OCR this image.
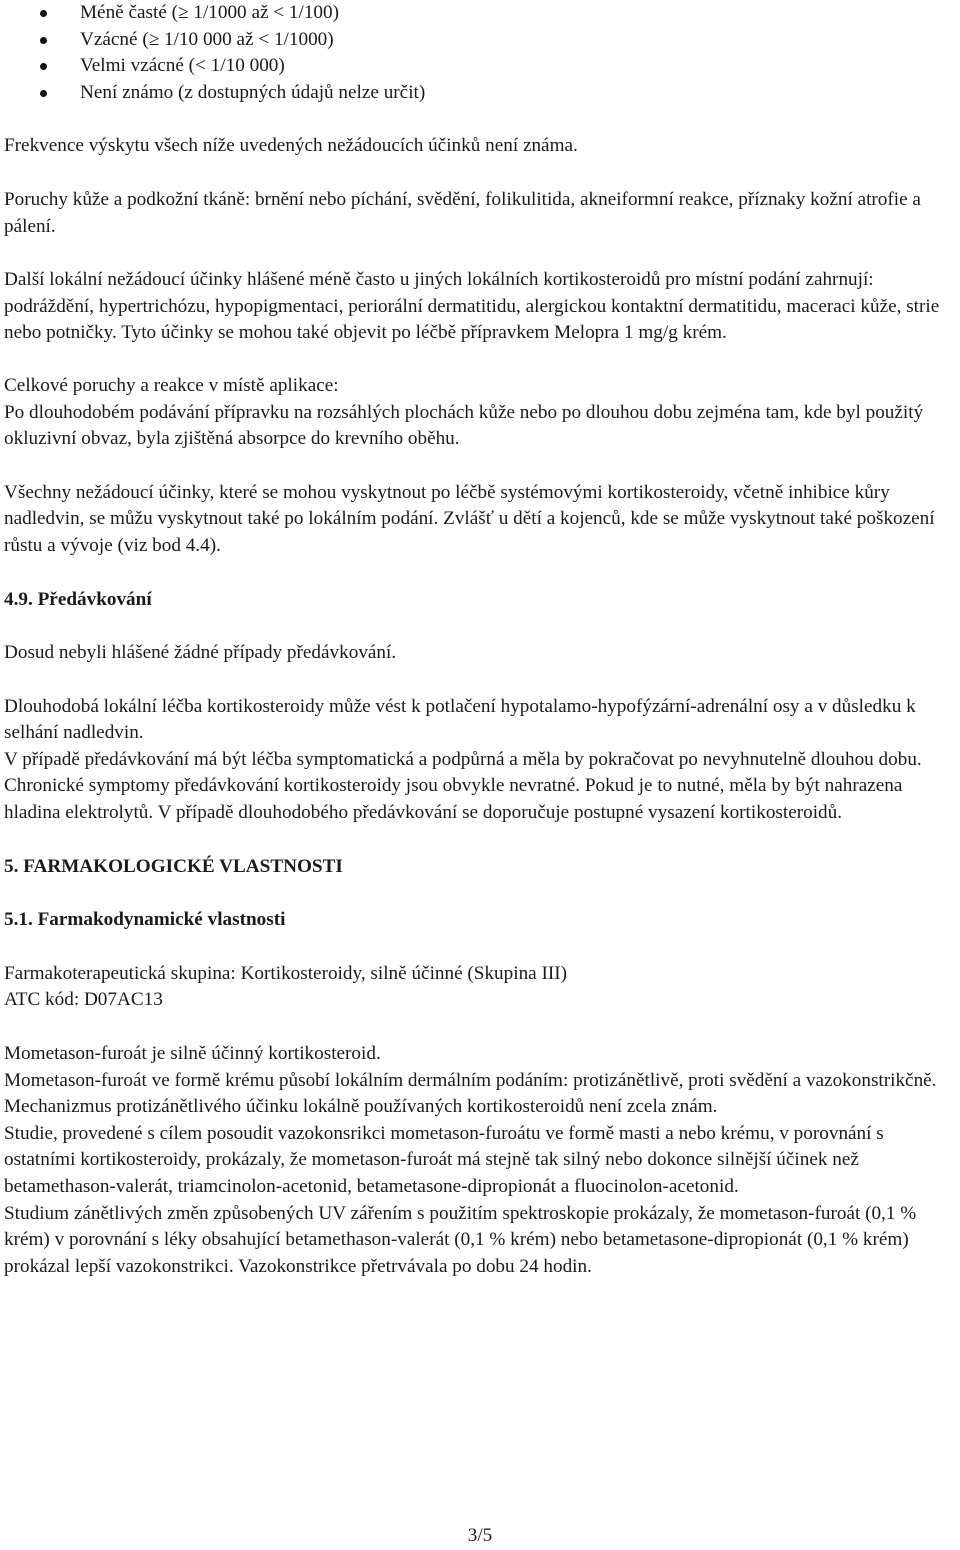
Méně časté (≥ 1/1000 až < 1/100)
Vzácné (≥ 1/10 000 až < 1/1000)
Velmi vzácné (< 1/10 000)
Není známo (z dostupných údajů nelze určit)

Frekvence výskytu všech níže uvedených nežádoucích účinků není známa.

Poruchy kůže a podkožní tkáně: brnění nebo píchání, svědění, folikulitida, akneiformní reakce, příznaky kožní atrofie a pálení.

Další lokální nežádoucí účinky hlášené méně často u jiných lokálních kortikosteroidů pro místní podání zahrnují: podráždění, hypertrichózu, hypopigmentaci, periorální dermatitidu, alergickou kontaktní dermatitidu, maceraci kůže, strie nebo potničky. Tyto účinky se mohou také objevit po léčbě přípravkem Melopra 1 mg/g krém.

Celkové poruchy a reakce v místě aplikace:

Po dlouhodobém podávání přípravku na rozsáhlých plochách kůže nebo po dlouhou dobu zejména tam, kde byl použitý okluzivní obvaz, byla zjištěná absorpce do krevního oběhu.

Všechny nežádoucí účinky, které se mohou vyskytnout po léčbě systémovými kortikosteroidy, včetně inhibice kůry nadledvin, se můžu vyskytnout také po lokálním podání. Zvlášť u dětí a kojenců, kde se může vyskytnout také poškození růstu a vývoje (viz bod 4.4).

4.9. Předávkování

Dosud nebyli hlášené žádné případy předávkování.

Dlouhodobá lokální léčba kortikosteroidy může vést k potlačení hypotalamo-hypofýzární-adrenální osy a v důsledku k selhání nadledvin.

V případě předávkování má být léčba symptomatická a podpůrná a měla by pokračovat po nevyhnutelně dlouhou dobu. Chronické symptomy předávkování kortikosteroidy jsou obvykle nevratné. Pokud je to nutné, měla by být nahrazena hladina elektrolytů. V případě dlouhodobého předávkování se doporučuje postupné vysazení kortikosteroidů.

5. FARMAKOLOGICKÉ VLASTNOSTI

5.1. Farmakodynamické vlastnosti

Farmakoterapeutická skupina: Kortikosteroidy, silně účinné (Skupina III)

ATC kód: D07AC13

Mometason-furoát je silně účinný kortikosteroid.

Mometason-furoát ve formě krému působí lokálním dermálním podáním: protizánětlivě, proti svědění a vazokonstrikčně.

Mechanizmus protizánětlivého účinku lokálně používaných kortikosteroidů není zcela znám.

Studie, provedené s cílem posoudit vazokonsrikci mometason-furoátu ve formě masti a nebo krému, v porovnání s ostatními kortikosteroidy, prokázaly, že mometason-furoát má stejně tak silný nebo dokonce silnější účinek než betamethason-valerát, triamcinolon-acetonid, betametasone-dipropionát a fluocinolon-acetonid.

Studium zánětlivých změn způsobených UV zářením s použitím spektroskopie prokázaly, že mometason-furoát (0,1 % krém) v porovnání s léky obsahující betamethason-valerát (0,1 % krém) nebo betametasone-dipropionát (0,1 % krém) prokázal lepší vazokonstrikci. Vazokonstrikce přetrvávala po dobu 24 hodin.

3/5
